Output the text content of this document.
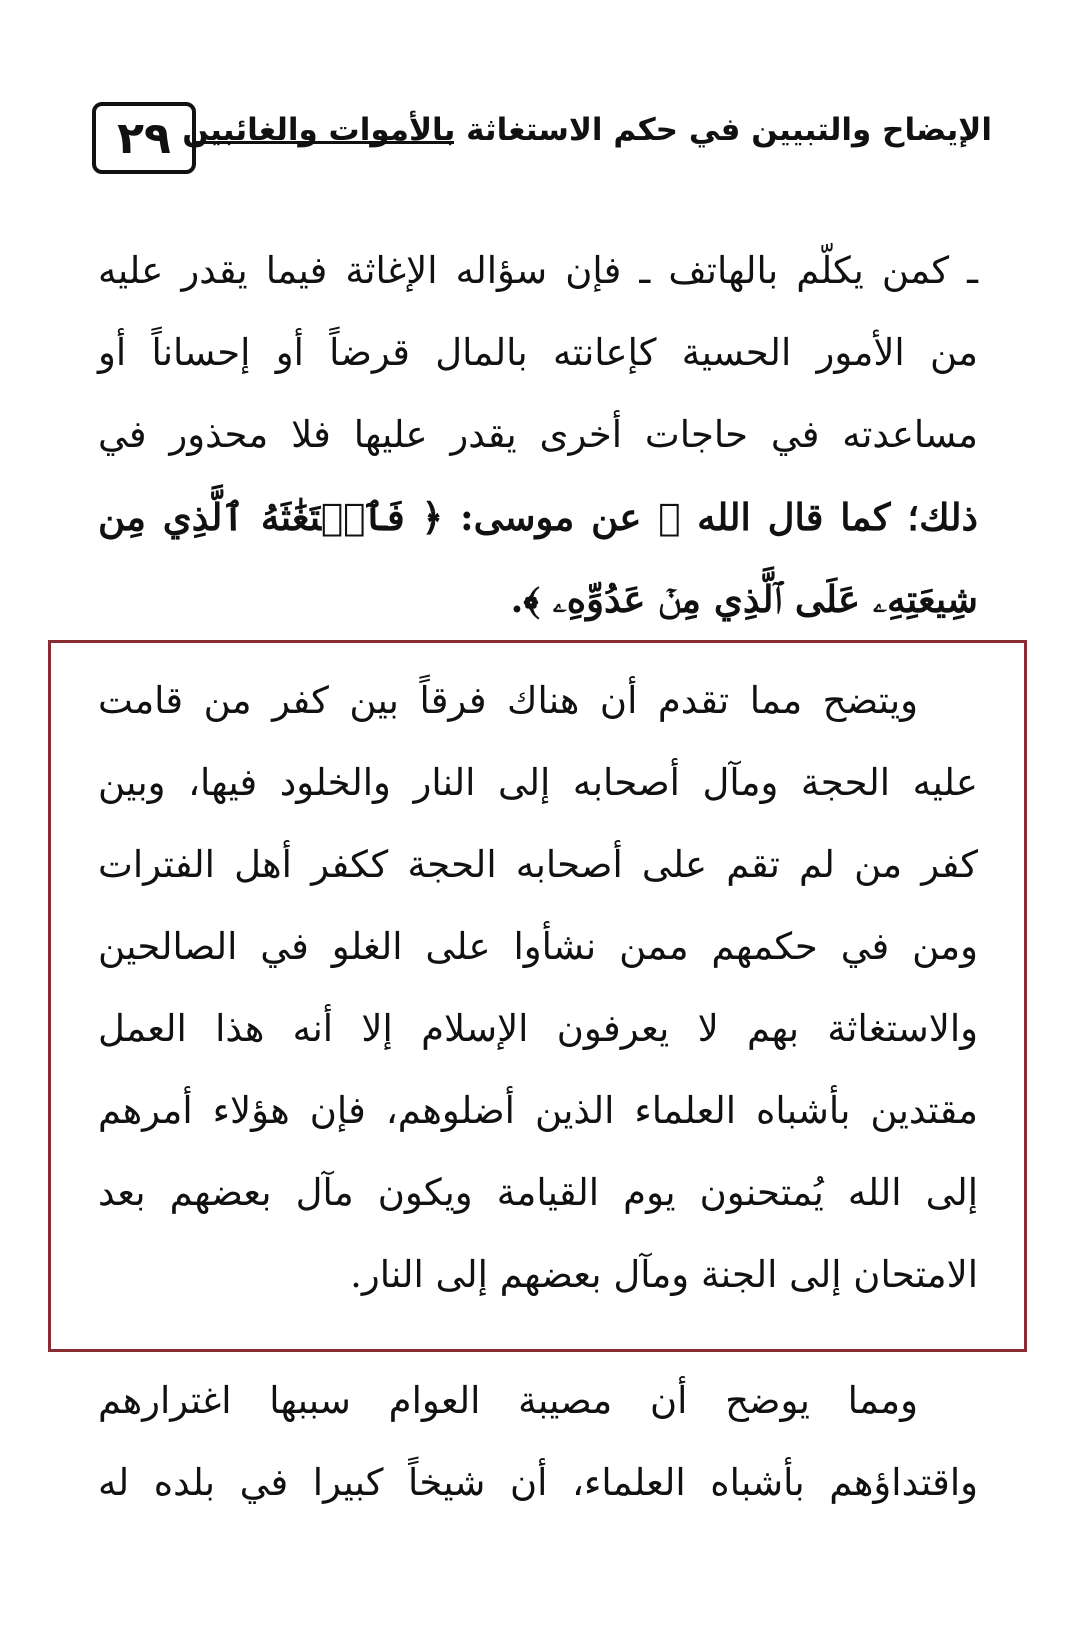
٢٩ الإيضاح والتبيين في حكم الاستغاثة بالأموات والغائبين
ـ كمن يكلّم بالهاتف ـ فإن سؤاله الإغاثة فيما يقدر عليه
من الأمور الحسية كإعانته بالمال قرضاً أو إحساناً أو
مساعدته في حاجات أخرى يقدر عليها فلا محذور في
ذلك؛ كما قال الله ﷻ عن موسى: ﴿ فَٱسۡتَغَٰثَهُ ٱلَّذِي مِن
شِيعَتِهِۦ عَلَى ٱلَّذِي مِنۡ عَدُوِّهِۦ ﴾.
ويتضح مما تقدم أن هناك فرقاً بين كفر من قامت
عليه الحجة ومآل أصحابه إلى النار والخلود فيها، وبين
كفر من لم تقم على أصحابه الحجة ككفر أهل الفترات
ومن في حكمهم ممن نشأوا على الغلو في الصالحين
والاستغاثة بهم لا يعرفون الإسلام إلا أنه هذا العمل
مقتدين بأشباه العلماء الذين أضلوهم، فإن هؤلاء أمرهم
إلى الله يُمتحنون يوم القيامة ويكون مآل بعضهم بعد
الامتحان إلى الجنة ومآل بعضهم إلى النار.
ومما يوضح أن مصيبة العوام سببها اغترارهم
واقتداؤهم بأشباه العلماء، أن شيخاً كبيرا في بلده له
